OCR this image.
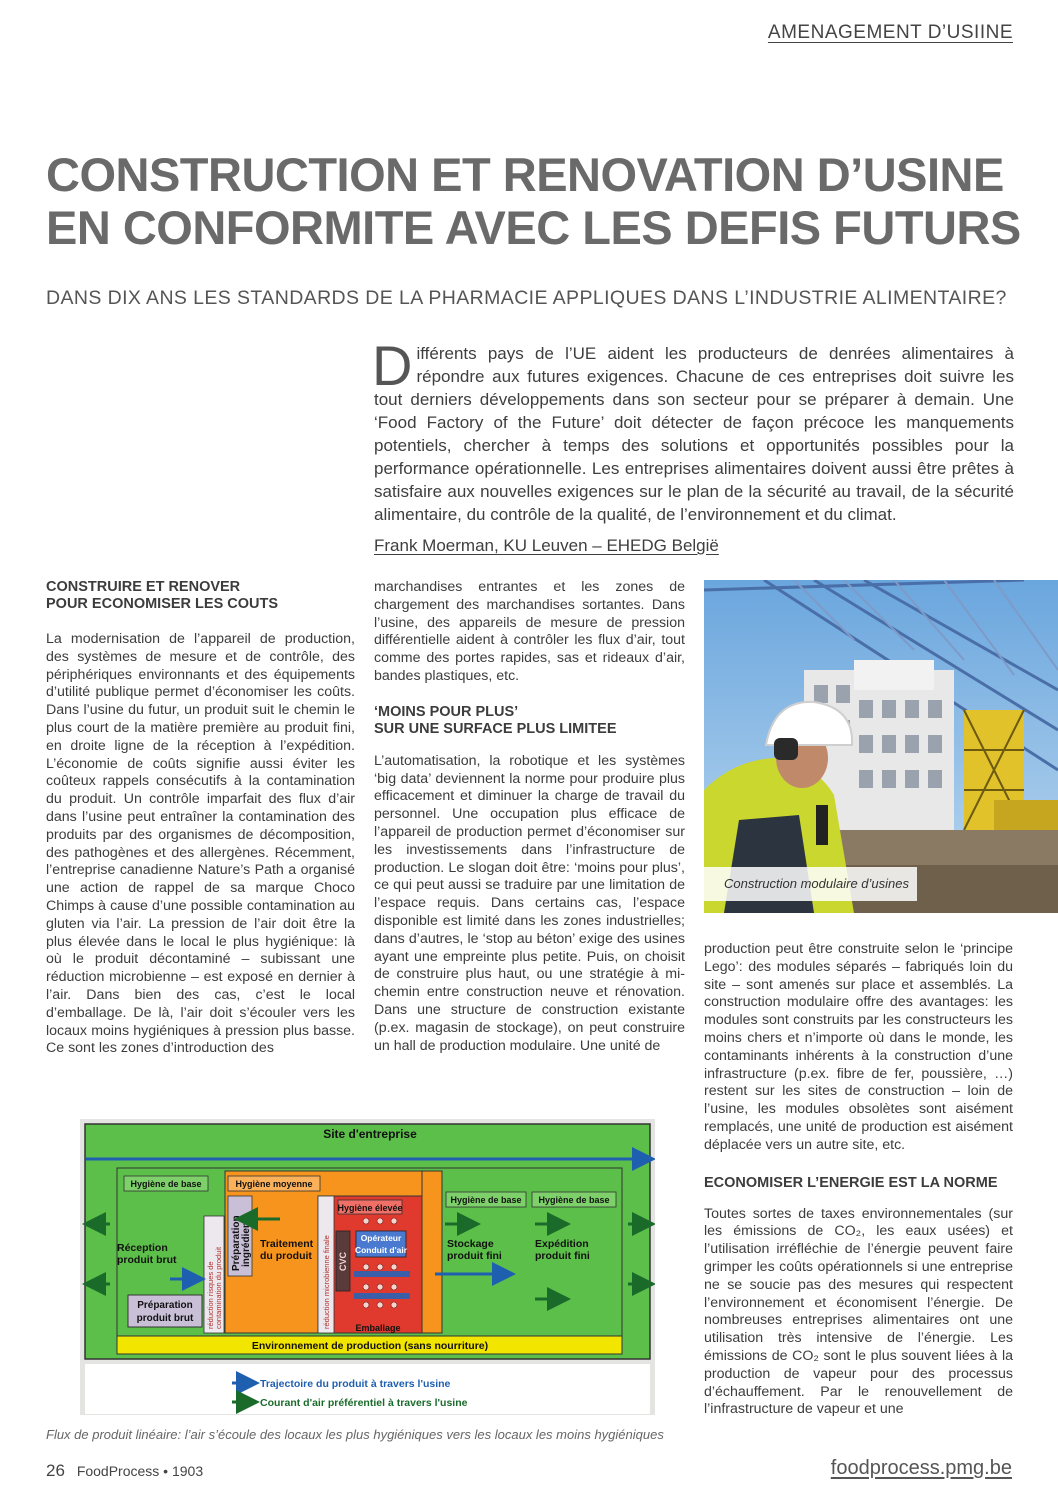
AMENAGEMENT D’USIINE
CONSTRUCTION ET RENOVATION D’USINE
EN CONFORMITE AVEC LES DEFIS FUTURS
DANS DIX ANS LES STANDARDS DE LA PHARMACIE APPLIQUES DANS L’INDUSTRIE ALIMENTAIRE?
D ifférents pays de l’UE aident les producteurs de denrées alimentaires à répondre aux futures exigences. Chacune de ces entreprises doit suivre les tout derniers développements dans son secteur pour se préparer à demain. Une ‘Food Factory of the Future’ doit détecter de façon précoce les manquements potentiels, chercher à temps des solutions et opportunités possibles pour la performance opérationnelle. Les entreprises alimentaires doivent aussi être prêtes à satisfaire aux nouvelles exigences sur le plan de la sécurité au travail, de la sécurité alimentaire, du contrôle de la qualité, de l’environnement et du climat.

Frank Moerman, KU Leuven – EHEDG België
CONSTRUIRE ET RENOVER
POUR ECONOMISER LES COUTS

La modernisation de l’appareil de production, des systèmes de mesure et de contrôle, des périphériques environnants et des équipements d’utilité publique permet d’économiser les coûts. Dans l’usine du futur, un produit suit le chemin le plus court de la matière première au produit fini, en droite ligne de la réception à l’expédition. L’économie de coûts signifie aussi éviter les coûteux rappels consécutifs à la contamination du produit. Un contrôle imparfait des flux d’air dans l’usine peut entraîner la contamination des produits par des organismes de décomposition, des pathogènes et des allergènes. Récemment, l’entreprise canadienne Nature’s Path a organisé une action de rappel de sa marque Choco Chimps à cause d’une possible contamination au gluten via l’air. La pression de l’air doit être la plus élevée dans le local le plus hygiénique: là où le produit décontaminé – subissant une réduction microbienne – est exposé en dernier à l’air. Dans bien des cas, c’est le local d’emballage. De là, l’air doit s’écouler vers les locaux moins hygiéniques à pression plus basse. Ce sont les zones d’introduction des

marchandises entrantes et les zones de chargement des marchandises sortantes. Dans l’usine, des appareils de mesure de pression différentielle aident à contrôler les flux d’air, tout comme des portes rapides, sas et rideaux d’air, bandes plastiques, etc.

‘MOINS POUR PLUS’
SUR UNE SURFACE PLUS LIMITEE

L’automatisation, la robotique et les systèmes ‘big data’ deviennent la norme pour produire plus efficacement et diminuer la charge de travail du personnel. Une occupation plus efficace de l’appareil de production permet d’économiser sur les investissements dans l’infrastructure de production. Le slogan doit être: ‘moins pour plus’, ce qui peut aussi se traduire par une limitation de l’espace requis. Dans certains cas, l’espace disponible est limité dans les zones industrielles; dans d’autres, le ‘stop au béton’ exige des usines ayant une empreinte plus petite. Puis, on choisit de construire plus haut, ou une stratégie à mi-chemin entre construction neuve et rénovation. Dans une structure de construction existante (p.ex. magasin de stockage), on peut construire un hall de production modulaire. Une unité de

Construction modulaire d’usines

production peut être construite selon le ‘principe Lego’: des modules séparés – fabriqués loin du site – sont amenés sur place et assemblés. La construction modulaire offre des avantages: les modules sont construits par les constructeurs les moins chers et n’importe où dans le monde, les contaminants inhérents à la construction d’une infrastructure (p.ex. fibre de fer, poussière, …) restent sur les sites de construction – loin de l’usine, les modules obsolètes sont aisément remplacés, une unité de production est aisément déplacée vers un autre site, etc.

ECONOMISER L’ENERGIE EST LA NORME

Toutes sortes de taxes environnementales (sur les émissions de CO₂, les eaux usées) et l’utilisation irréfléchie de l’énergie peuvent faire grimper les coûts opérationnels si une entreprise ne se soucie pas des mesures qui respectent l’environnement et économisent l’énergie. De nombreuses entreprises alimentaires ont une utilisation très intensive de l’énergie. Les émissions de CO₂ sont le plus souvent liées à la production de vapeur pour des processus d’échauffement. Par le renouvellement de l’infrastructure de vapeur et une

Site d'entreprise
Environnement de production (sans nourriture)
Hygiène de base	Hygiène moyenne
Hygiène élevée
Hygiène de base Hygiène de base
Réception
produit brut
Préparation
produit brut réduction risques de contamination du produit
Préparation ingrédients Traitement
du produit réduction microbienne finale CVC
Opérateur
Conduit d'air
Emballage
Stockage
produit fini
Expédition
produit fini
Trajectoire du produit à travers l'usine
Courant d'air préférentiel à travers l'usine
Flux de produit linéaire: l’air s’écoule des locaux les plus hygiéniques vers les locaux les moins hygiéniques
26 FoodProcess • 1903	foodprocess.pmg.be
